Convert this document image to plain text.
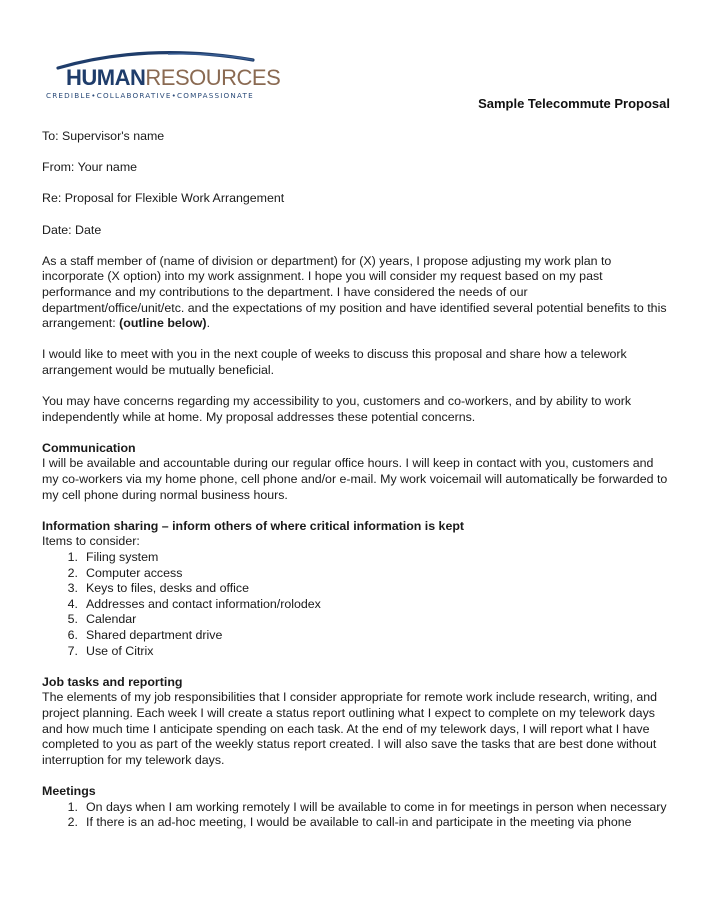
HUMANRESOURCES
CREDIBLE•COLLABORATIVE•COMPASSIONATE
Sample Telecommute Proposal

To: Supervisor's name

From: Your name

Re: Proposal for Flexible Work Arrangement

Date: Date

As a staff member of (name of division or department) for (X) years, I propose adjusting my work plan to incorporate (X option) into my work assignment. I hope you will consider my request based on my past performance and my contributions to the department. I have considered the needs of our department/office/unit/etc. and the expectations of my position and have identified several potential benefits to this arrangement: (outline below).

I would like to meet with you in the next couple of weeks to discuss this proposal and share how a telework arrangement would be mutually beneficial.

You may have concerns regarding my accessibility to you, customers and co-workers, and by ability to work independently while at home. My proposal addresses these potential concerns.

Communication

I will be available and accountable during our regular office hours. I will keep in contact with you, customers and my co-workers via my home phone, cell phone and/or e-mail. My work voicemail will automatically be forwarded to my cell phone during normal business hours.

Information sharing – inform others of where critical information is kept

Items to consider:

1. Filing system
2. Computer access
3. Keys to files, desks and office
4. Addresses and contact information/rolodex
5. Calendar
6. Shared department drive
7. Use of Citrix

Job tasks and reporting

The elements of my job responsibilities that I consider appropriate for remote work include research, writing, and project planning. Each week I will create a status report outlining what I expect to complete on my telework days and how much time I anticipate spending on each task. At the end of my telework days, I will report what I have completed to you as part of the weekly status report created. I will also save the tasks that are best done without interruption for my telework days.

Meetings

1. On days when I am working remotely I will be available to come in for meetings in person when necessary
2. If there is an ad-hoc meeting, I would be available to call-in and participate in the meeting via phone
